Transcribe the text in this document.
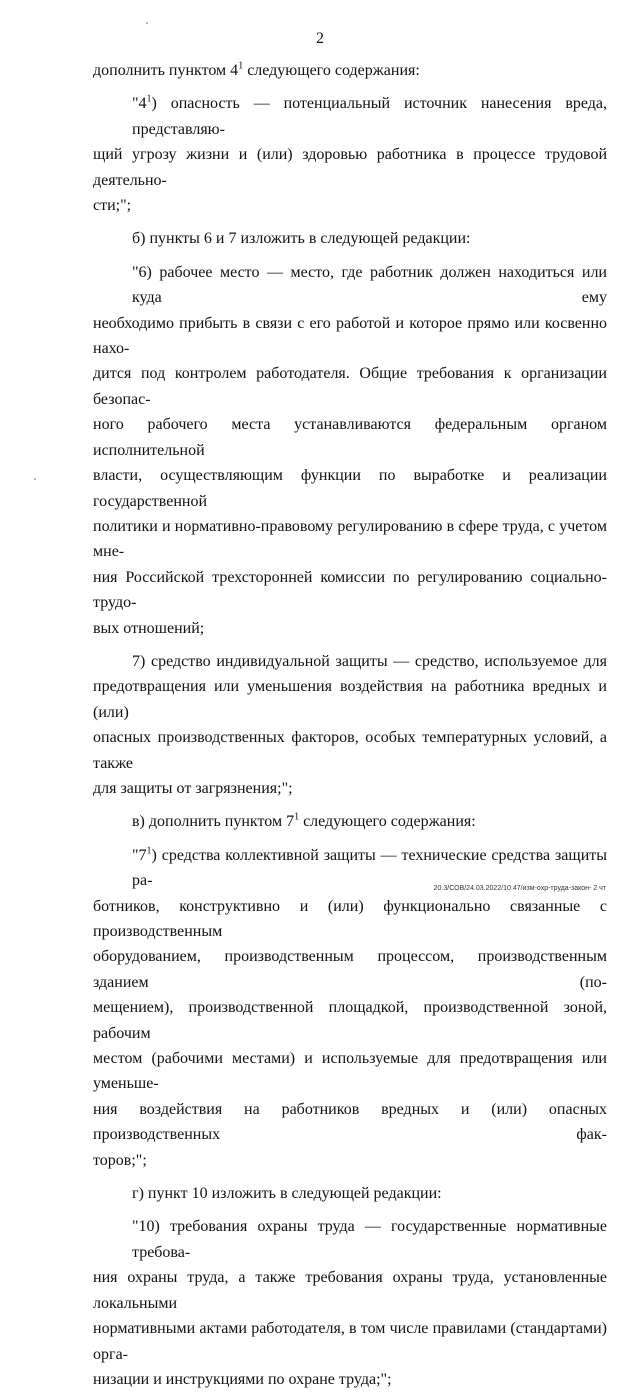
2
дополнить пунктом $4^1$ следующего содержания:
"$4^1$) опасность — потенциальный источник нанесения вреда, представляю-
щий угрозу жизни и (или) здоровью работника в процессе трудовой деятельно-
сти;";
б) пункты 6 и 7 изложить в следующей редакции:
"6) рабочее место — место, где работник должен находиться или куда ему
необходимо прибыть в связи с его работой и которое прямо или косвенно нахо-
дится под контролем работодателя. Общие требования к организации безопас-
ного рабочего места устанавливаются федеральным органом исполнительной
власти, осуществляющим функции по выработке и реализации государственной
политики и нормативно-правовому регулированию в сфере труда, с учетом мне-
ния Российской трехсторонней комиссии по регулированию социально-трудо-
вых отношений;
7) средство индивидуальной защиты — средство, используемое для
предотвращения или уменьшения воздействия на работника вредных и (или)
опасных производственных факторов, особых температурных условий, а также
для защиты от загрязнения;";
в) дополнить пунктом $7^1$ следующего содержания:
"$7^1$) средства коллективной защиты — технические средства защиты ра-
ботников, конструктивно и (или) функционально связанные с производственным
оборудованием, производственным процессом, производственным зданием (по-
мещением), производственной площадкой, производственной зоной, рабочим
местом (рабочими местами) и используемые для предотвращения или уменьше-
ния воздействия на работников вредных и (или) опасных производственных фак-
торов;";
г) пункт 10 изложить в следующей редакции:
"10) требования охраны труда — государственные нормативные требова-
ния охраны труда, а также требования охраны труда, установленные локальными
нормативными актами работодателя, в том числе правилами (стандартами) орга-
низации и инструкциями по охране труда;";
20.3/СОВ/24.03.2022/10:47/изм-охр-труда-закон- 2 чт
